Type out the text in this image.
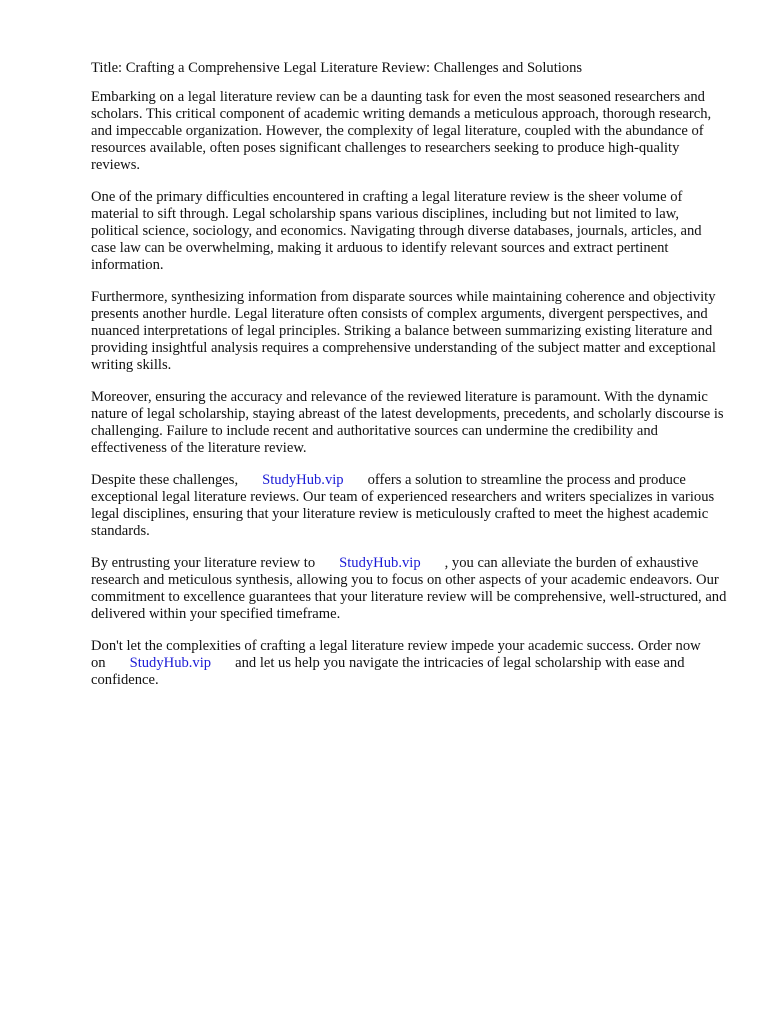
Title: Crafting a Comprehensive Legal Literature Review: Challenges and Solutions

Embarking on a legal literature review can be a daunting task for even the most seasoned researchers and scholars. This critical component of academic writing demands a meticulous approach, thorough research, and impeccable organization. However, the complexity of legal literature, coupled with the abundance of resources available, often poses significant challenges to researchers seeking to produce high-quality reviews.

One of the primary difficulties encountered in crafting a legal literature review is the sheer volume of material to sift through. Legal scholarship spans various disciplines, including but not limited to law, political science, sociology, and economics. Navigating through diverse databases, journals, articles, and case law can be overwhelming, making it arduous to identify relevant sources and extract pertinent information.

Furthermore, synthesizing information from disparate sources while maintaining coherence and objectivity presents another hurdle. Legal literature often consists of complex arguments, divergent perspectives, and nuanced interpretations of legal principles. Striking a balance between summarizing existing literature and providing insightful analysis requires a comprehensive understanding of the subject matter and exceptional writing skills.

Moreover, ensuring the accuracy and relevance of the reviewed literature is paramount. With the dynamic nature of legal scholarship, staying abreast of the latest developments, precedents, and scholarly discourse is challenging. Failure to include recent and authoritative sources can undermine the credibility and effectiveness of the literature review.

Despite these challenges, StudyHub.vip offers a solution to streamline the process and produce exceptional legal literature reviews. Our team of experienced researchers and writers specializes in various legal disciplines, ensuring that your literature review is meticulously crafted to meet the highest academic standards.

By entrusting your literature review to StudyHub.vip , you can alleviate the burden of exhaustive research and meticulous synthesis, allowing you to focus on other aspects of your academic endeavors. Our commitment to excellence guarantees that your literature review will be comprehensive, well-structured, and delivered within your specified timeframe.

Don't let the complexities of crafting a legal literature review impede your academic success. Order now on StudyHub.vip and let us help you navigate the intricacies of legal scholarship with ease and confidence.
